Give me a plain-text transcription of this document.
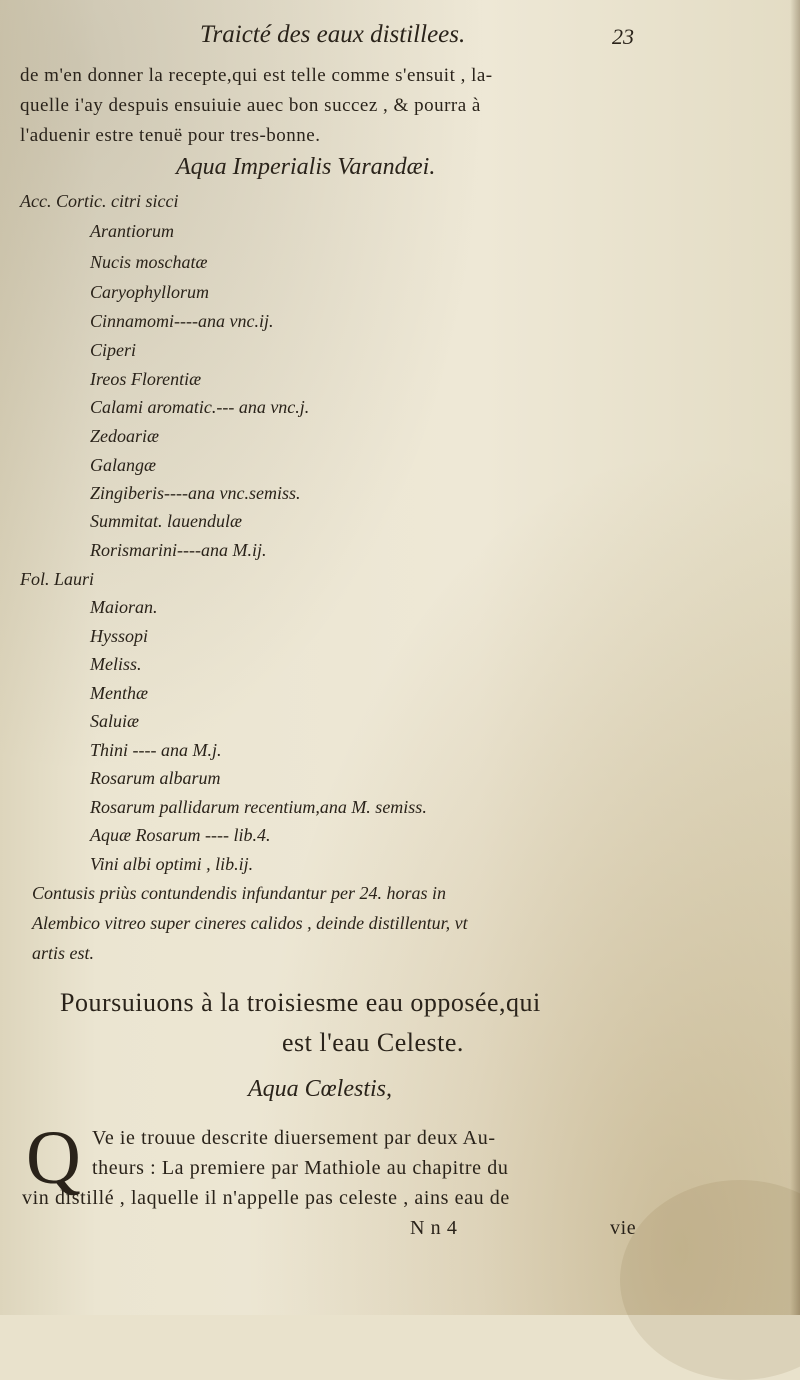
Traicté des eaux distillees.	23
de m'en donner la recepte,qui est telle comme s'ensuit , la-
quelle i'ay despuis ensuiuie auec bon succez , & pourra à
l'aduenir estre tenuë pour tres-bonne.
Aqua Imperialis Varandæi.
Acc. Cortic. citri sicci
Arantiorum
Nucis moschatæ
Caryophyllorum
Cinnamomi----ana vnc.ij.
Ciperi
Ireos Florentiæ
Calami aromatic.--- ana vnc.j.
Zedoariæ
Galangæ
Zingiberis----ana vnc.semiss.
Summitat. lauendulæ
Rorismarini----ana M.ij.
Fol. Lauri
Maioran.
Hyssopi
Meliss.
Menthæ
Saluiæ
Thini ---- ana M.j.
Rosarum albarum
Rosarum pallidarum recentium,ana M. semiss.
Aquæ Rosarum ---- lib.4.
Vini albi optimi , lib.ij.
Contusis priùs contundendis infundantur per 24. horas in
Alembico vitreo super cineres calidos , deinde distillentur, vt
artis est.
Poursuiuons à la troisiesme eau opposée,qui
est l'eau Celeste.
Aqua Cœlestis,
Q Ve ie trouue descrite diuersement par deux Au-
theurs : La premiere par Mathiole au chapitre du
vin distillé , laquelle il n'appelle pas celeste , ains eau de
N n 4	vie
